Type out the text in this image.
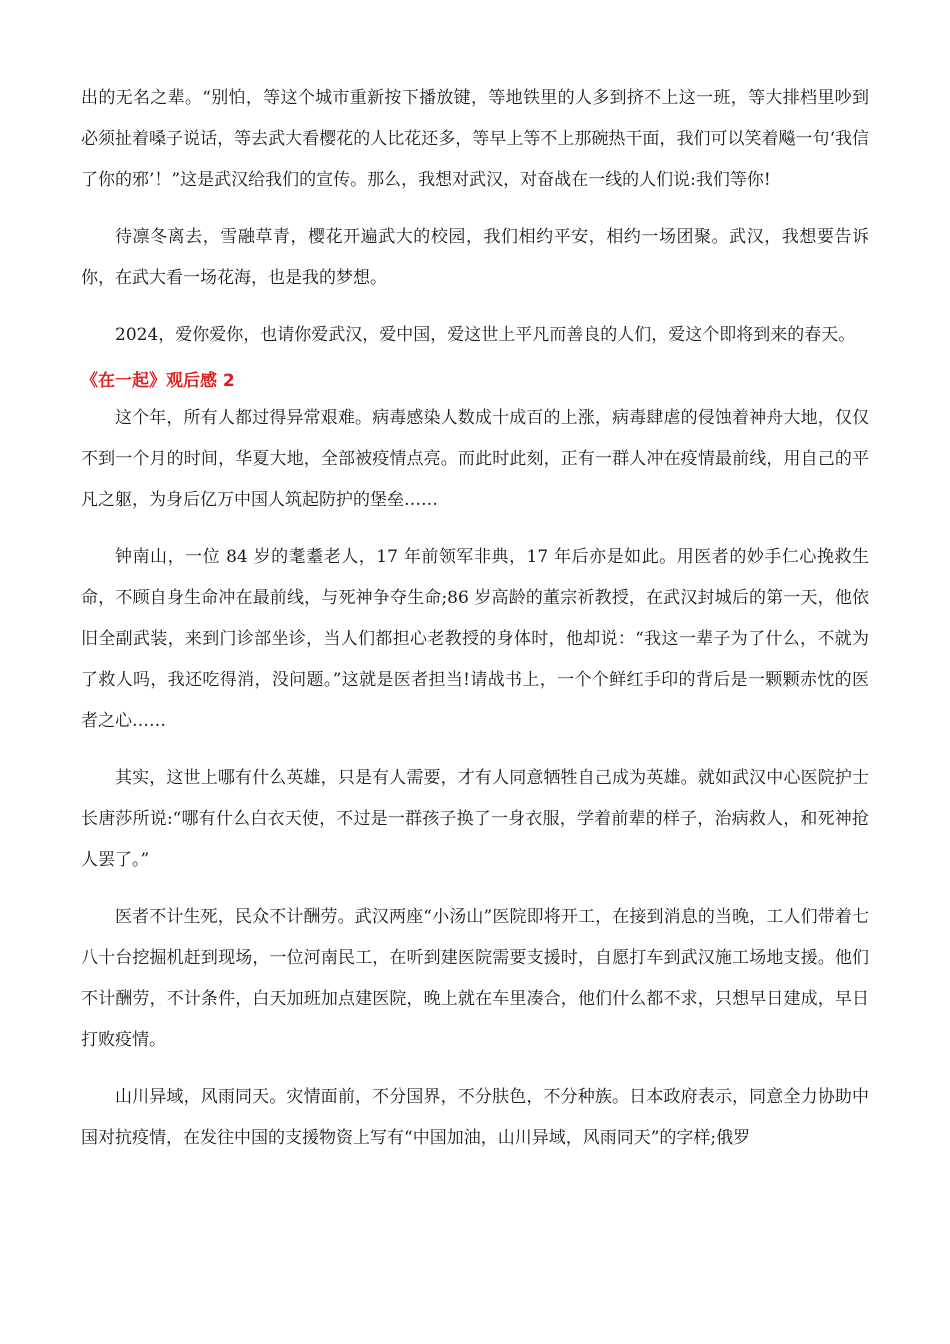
出的无名之辈。“别怕，等这个城市重新按下播放键，等地铁里的人多到挤不上这一班，等大排档里吵到必须扯着嗓子说话，等去武大看樱花的人比花还多，等早上等不上那碗热干面，我们可以笑着飚一句‘我信了你的邪’！”这是武汉给我们的宣传。那么，我想对武汉，对奋战在一线的人们说:我们等你!

待凛冬离去，雪融草青，樱花开遍武大的校园，我们相约平安，相约一场团聚。武汉，我想要告诉你，在武大看一场花海，也是我的梦想。

2024，爱你爱你，也请你爱武汉，爱中国，爱这世上平凡而善良的人们，爱这个即将到来的春天。

《在一起》观后感 2

这个年，所有人都过得异常艰难。病毒感染人数成十成百的上涨，病毒肆虐的侵蚀着神舟大地，仅仅不到一个月的时间，华夏大地，全部被疫情点亮。而此时此刻，正有一群人冲在疫情最前线，用自己的平凡之躯，为身后亿万中国人筑起防护的堡垒……

钟南山，一位 84 岁的耄耋老人，17 年前领军非典，17 年后亦是如此。用医者的妙手仁心挽救生命，不顾自身生命冲在最前线，与死神争夺生命;86 岁高龄的董宗祈教授，在武汉封城后的第一天，他依旧全副武装，来到门诊部坐诊，当人们都担心老教授的身体时，他却说：“我这一辈子为了什么，不就为了救人吗，我还吃得消，没问题。”这就是医者担当!请战书上，一个个鲜红手印的背后是一颗颗赤忱的医者之心……

其实，这世上哪有什么英雄，只是有人需要，才有人同意牺牲自己成为英雄。就如武汉中心医院护士长唐莎所说:“哪有什么白衣天使，不过是一群孩子换了一身衣服，学着前辈的样子，治病救人，和死神抢人罢了。”

医者不计生死，民众不计酬劳。武汉两座“小汤山”医院即将开工，在接到消息的当晚，工人们带着七八十台挖掘机赶到现场，一位河南民工，在听到建医院需要支援时，自愿打车到武汉施工场地支援。他们不计酬劳，不计条件，白天加班加点建医院，晚上就在车里凑合，他们什么都不求，只想早日建成，早日打败疫情。

山川异域，风雨同天。灾情面前，不分国界，不分肤色，不分种族。日本政府表示，同意全力协助中国对抗疫情，在发往中国的支援物资上写有“中国加油，山川异域，风雨同天”的字样;俄罗
